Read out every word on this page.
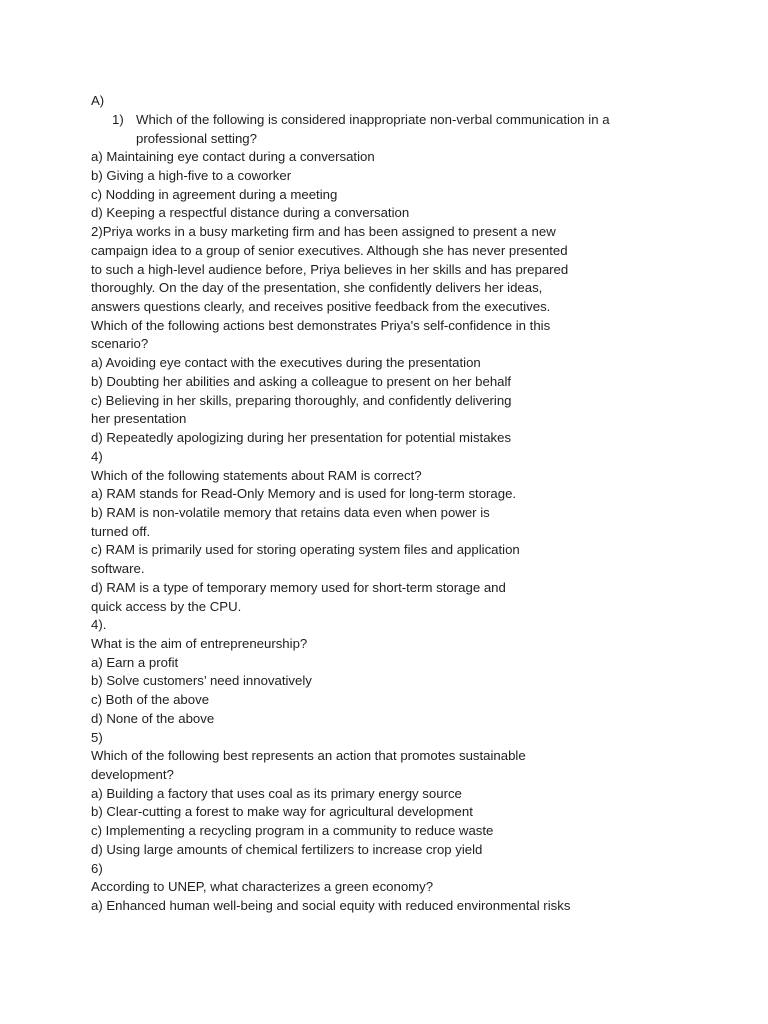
A)
1) Which of the following is considered inappropriate non-verbal communication in a
professional setting?
a) Maintaining eye contact during a conversation
b) Giving a high-five to a coworker
c) Nodding in agreement during a meeting
d) Keeping a respectful distance during a conversation
2)Priya works in a busy marketing firm and has been assigned to present a new
campaign idea to a group of senior executives. Although she has never presented
to such a high-level audience before, Priya believes in her skills and has prepared
thoroughly. On the day of the presentation, she confidently delivers her ideas,
answers questions clearly, and receives positive feedback from the executives.
Which of the following actions best demonstrates Priya's self-confidence in this
scenario?
a) Avoiding eye contact with the executives during the presentation
b) Doubting her abilities and asking a colleague to present on her behalf
c) Believing in her skills, preparing thoroughly, and confidently delivering
her presentation
d) Repeatedly apologizing during her presentation for potential mistakes
4)
Which of the following statements about RAM is correct?
a) RAM stands for Read-Only Memory and is used for long-term storage.
b) RAM is non-volatile memory that retains data even when power is
turned off.
c) RAM is primarily used for storing operating system files and application
software.
d) RAM is a type of temporary memory used for short-term storage and
quick access by the CPU.
4).
What is the aim of entrepreneurship?
a) Earn a profit
b) Solve customers’ need innovatively
c) Both of the above
d) None of the above
5)
Which of the following best represents an action that promotes sustainable
development?
a) Building a factory that uses coal as its primary energy source
b) Clear-cutting a forest to make way for agricultural development
c) Implementing a recycling program in a community to reduce waste
d) Using large amounts of chemical fertilizers to increase crop yield
6)
According to UNEP, what characterizes a green economy?
a) Enhanced human well-being and social equity with reduced environmental risks
